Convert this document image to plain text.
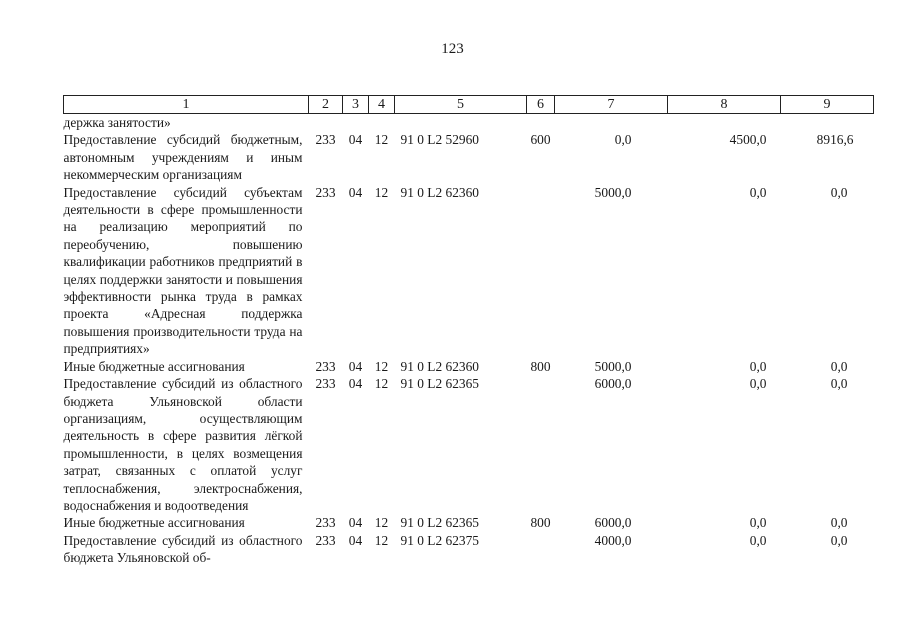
123
1	2	3	4	5	6	7	8	9
держка занятости»								
Предоставление субсидий бюджетным, автономным учреждениям и иным некоммерческим организациям	233	04	12	91 0 L2 52960	600	0,0	4500,0	8916,6
Предоставление субсидий субъектам деятельности в сфере промышленности на реализацию мероприятий по переобучению, повышению квалификации работников предприятий в целях поддержки занятости и повышения эффективности рынка труда в рамках проекта «Адресная поддержка повышения производительности труда на предприятиях»	233	04	12	91 0 L2 62360		5000,0	0,0	0,0
Иные бюджетные ассигнования	233	04	12	91 0 L2 62360	800	5000,0	0,0	0,0
Предоставление субсидий из областного бюджета Ульяновской области организациям, осуществляющим деятельность в сфере развития лёгкой промышленности, в целях возмещения затрат, связанных с оплатой услуг теплоснабжения, электроснабжения, водоснабжения и водоотведения	233	04	12	91 0 L2 62365		6000,0	0,0	0,0
Иные бюджетные ассигнования	233	04	12	91 0 L2 62365	800	6000,0	0,0	0,0
Предоставление субсидий из областного бюджета Ульяновской об-	233	04	12	91 0 L2 62375		4000,0	0,0	0,0
